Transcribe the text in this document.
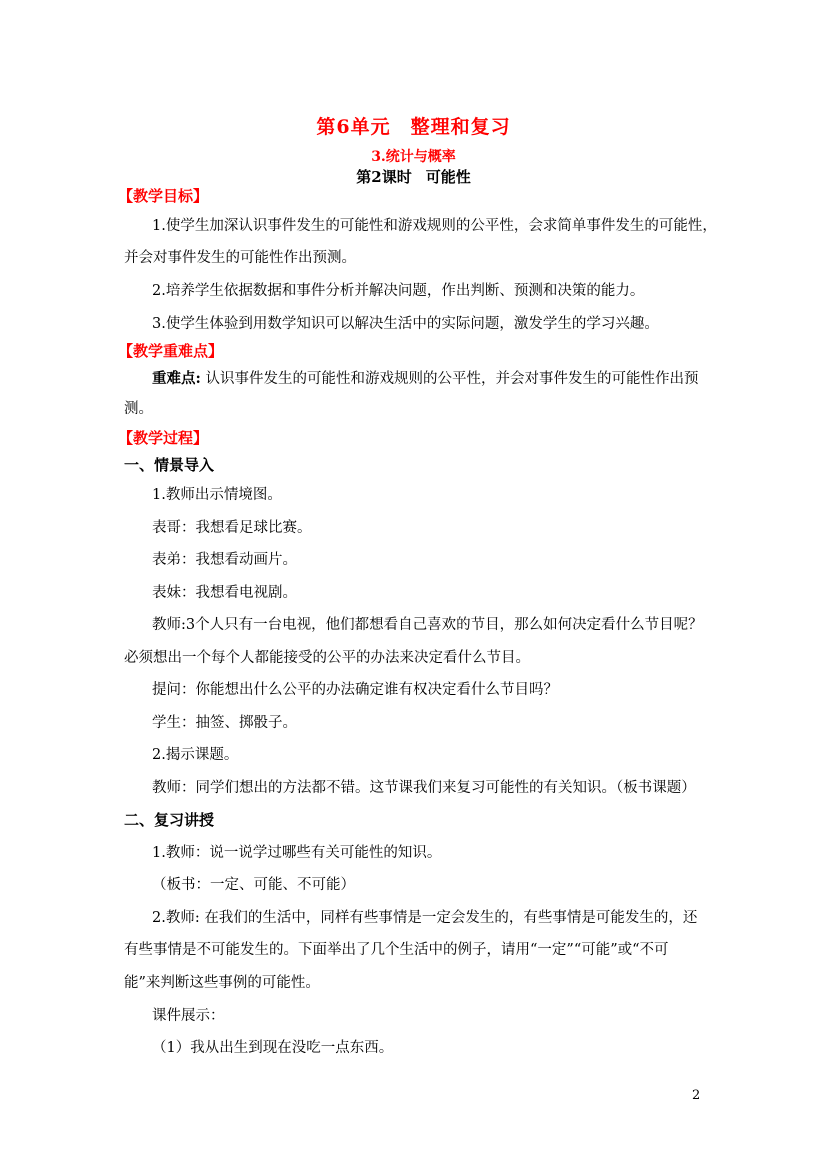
第6单元 整理和复习
3.统计与概率
第2课时 可能性
【教学目标】
1.使学生加深认识事件发生的可能性和游戏规则的公平性，会求简单事件发生的可能性，
并会对事件发生的可能性作出预测。
2.培养学生依据数据和事件分析并解决问题，作出判断、预测和决策的能力。
3.使学生体验到用数学知识可以解决生活中的实际问题，激发学生的学习兴趣。
【教学重难点】
重难点: 认识事件发生的可能性和游戏规则的公平性，并会对事件发生的可能性作出预
测。
【教学过程】
一、情景导入
1.教师出示情境图。
表哥：我想看足球比赛。
表弟：我想看动画片。
表妹：我想看电视剧。
教师:3个人只有一台电视，他们都想看自己喜欢的节目，那么如何决定看什么节目呢？
必须想出一个每个人都能接受的公平的办法来决定看什么节目。
提问：你能想出什么公平的办法确定谁有权决定看什么节目吗？
学生：抽签、掷骰子。
2.揭示课题。
教师：同学们想出的方法都不错。这节课我们来复习可能性的有关知识。（板书课题）
二、复习讲授
1.教师：说一说学过哪些有关可能性的知识。
（板书：一定、可能、不可能）
2.教师: 在我们的生活中，同样有些事情是一定会发生的，有些事情是可能发生的，还
有些事情是不可能发生的。下面举出了几个生活中的例子，请用“一定”“可能”或“不可
能”来判断这些事例的可能性。
课件展示：
（1）我从出生到现在没吃一点东西。
2
